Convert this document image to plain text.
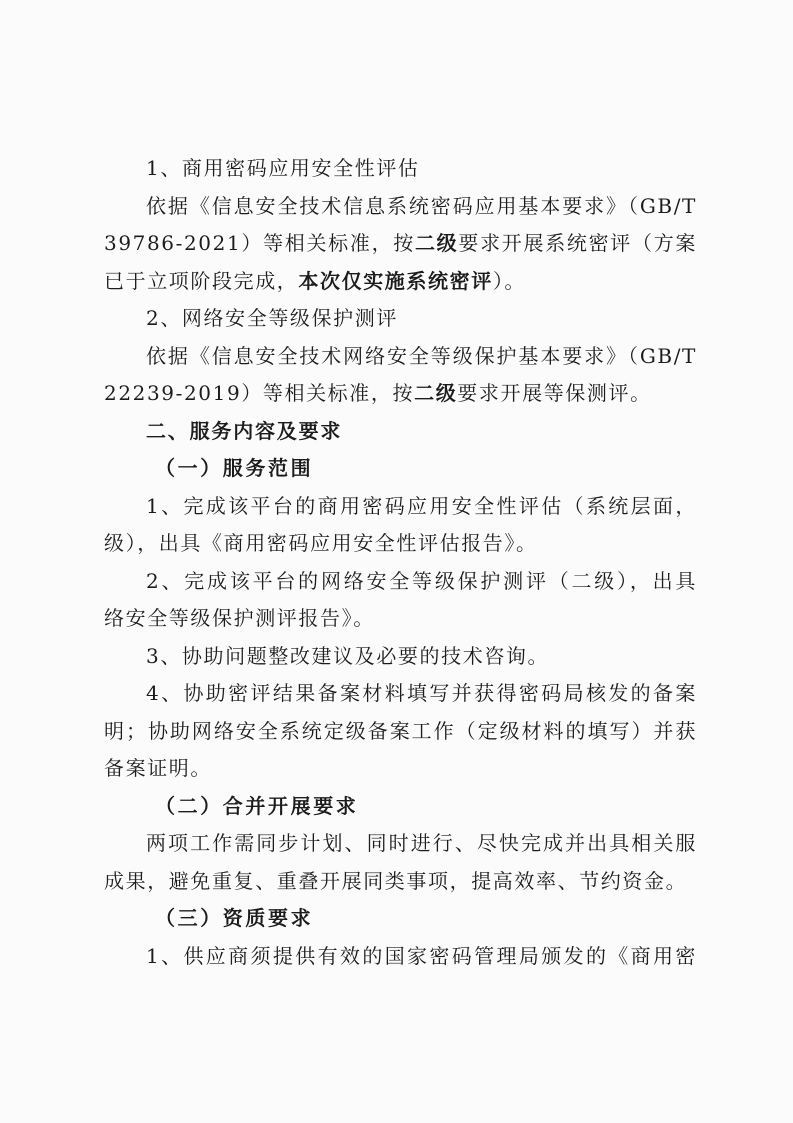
1、商用密码应用安全性评估
依据《信息安全技术信息系统密码应用基本要求》（GB/T
39786-2021）等相关标准，按二级要求开展系统密评（方案
已于立项阶段完成，本次仅实施系统密评）。
2、网络安全等级保护测评
依据《信息安全技术网络安全等级保护基本要求》（GB/T
22239-2019）等相关标准，按二级要求开展等保测评。
二、服务内容及要求
（一）服务范围
1、完成该平台的商用密码应用安全性评估（系统层面，
级），出具《商用密码应用安全性评估报告》。
2、完成该平台的网络安全等级保护测评（二级），出具
络安全等级保护测评报告》。
3、协助问题整改建议及必要的技术咨询。
4、协助密评结果备案材料填写并获得密码局核发的备案
明；协助网络安全系统定级备案工作（定级材料的填写）并获
备案证明。
（二）合并开展要求
两项工作需同步计划、同时进行、尽快完成并出具相关服
成果，避免重复、重叠开展同类事项，提高效率、节约资金。
（三）资质要求
1、供应商须提供有效的国家密码管理局颁发的《商用密
